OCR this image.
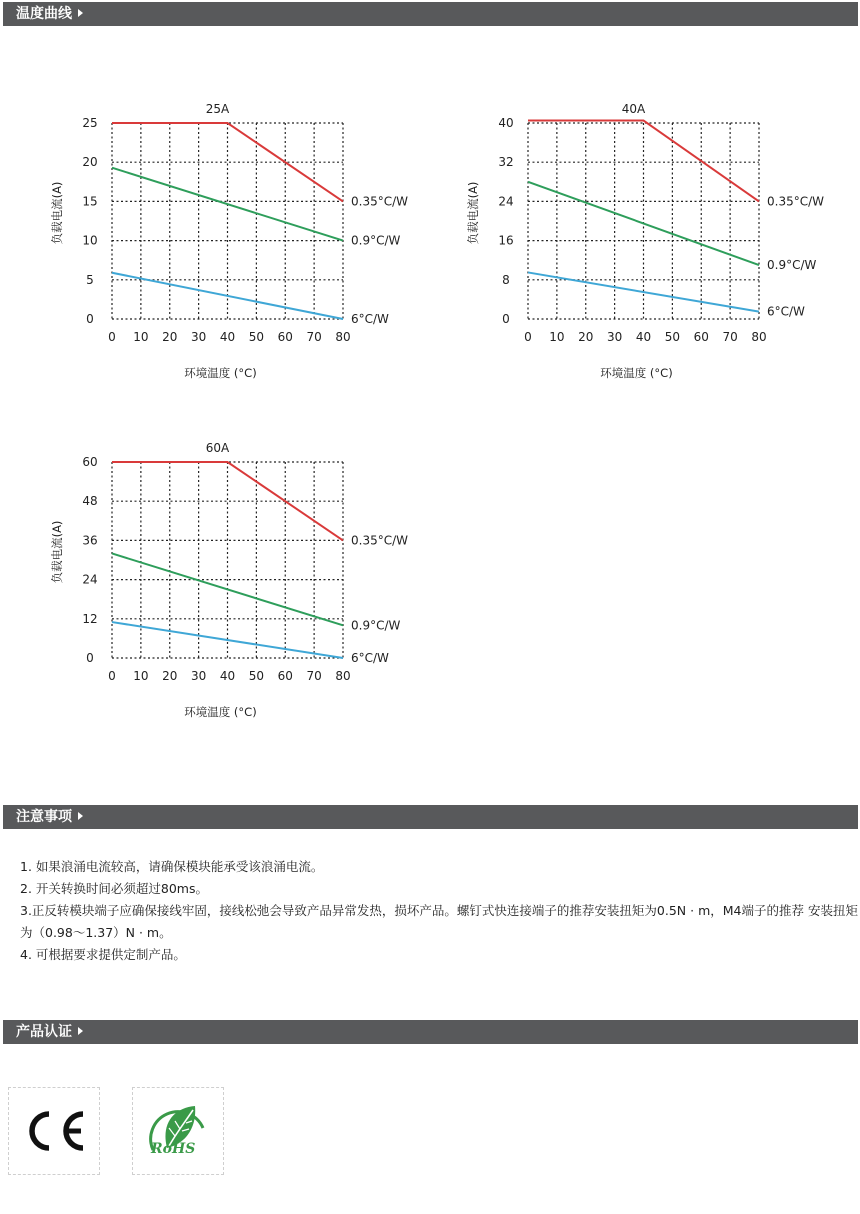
温度曲线
25A
0 10 20 30 40 50 60 70 80
0
5
10
15
20
25
环境温度 (°C)
负载电流(A)	0.35°C/W
0.9°C/W
6°C/W
40A
0 10 20 30 40 50 60 70 80
0
8
16
24
32
40
环境温度 (°C)
负载电流(A)	0.35°C/W
0.9°C/W
6°C/W
60A
0 10 20 30 40 50 60 70 80
0
12
24
36
48
60
环境温度 (°C)
负载电流(A)	0.35°C/W
0.9°C/W
6°C/W
注意事项

1. 如果浪涌电流较高，请确保模块能承受该浪涌电流。

2. 开关转换时间必须超过80ms。

3.正反转模块端子应确保接线牢固，接线松弛会导致产品异常发热，损坏产品。螺钉式快连接端子的推荐安装扭矩为0.5N · m，M4端子的推荐 安装扭矩为（0.98～1.37）N · m。

4. 可根据要求提供定制产品。

产品认证
RoHS
